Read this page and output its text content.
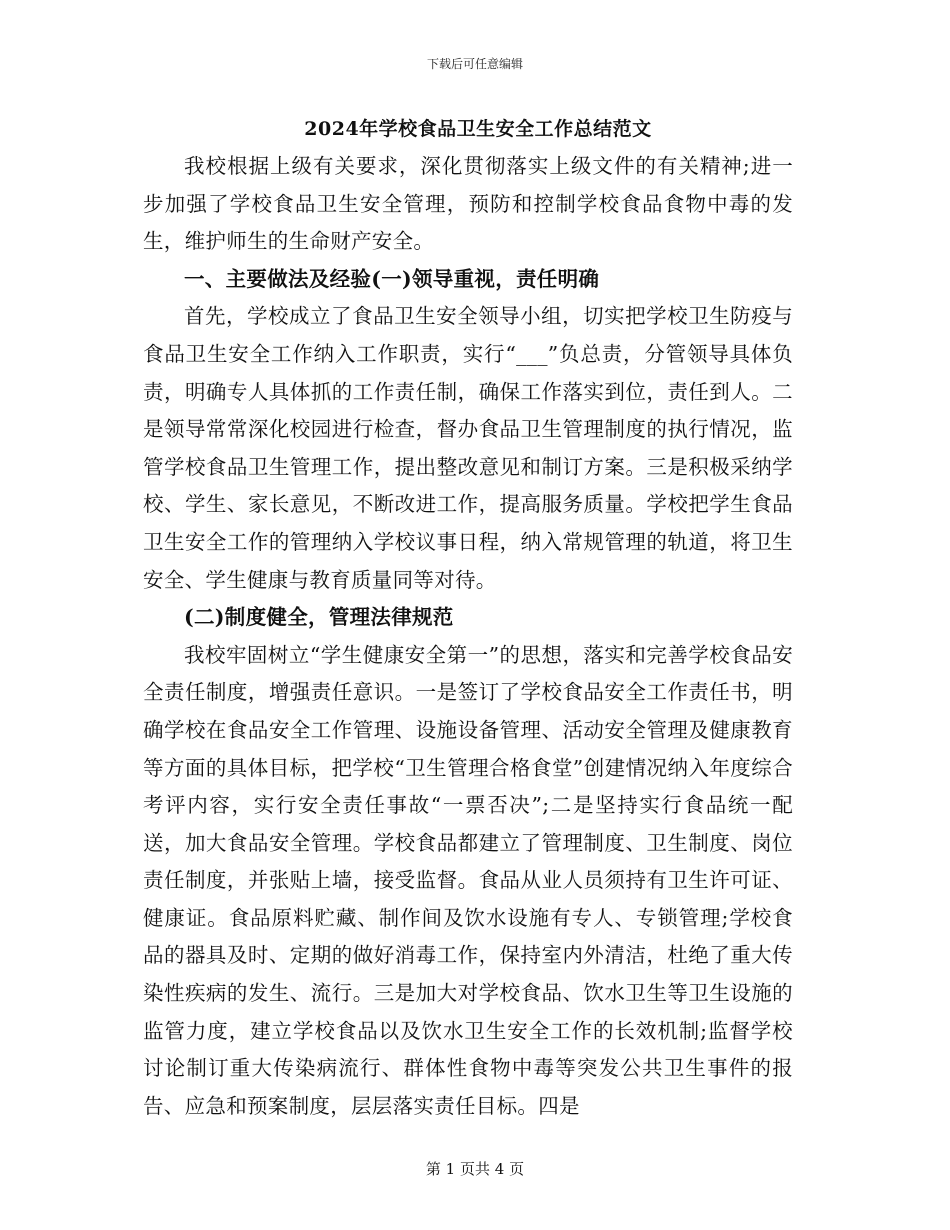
下载后可任意编辑
2024年学校食品卫生安全工作总结范文

我校根据上级有关要求，深化贯彻落实上级文件的有关精神;进一步加强了学校食品卫生安全管理，预防和控制学校食品食物中毒的发生，维护师生的生命财产安全。

一、主要做法及经验(一)领导重视，责任明确

首先，学校成立了食品卫生安全领导小组，切实把学校卫生防疫与食品卫生安全工作纳入工作职责，实行“___”负总责，分管领导具体负责，明确专人具体抓的工作责任制，确保工作落实到位，责任到人。二是领导常常深化校园进行检查，督办食品卫生管理制度的执行情况，监管学校食品卫生管理工作，提出整改意见和制订方案。三是积极采纳学校、学生、家长意见，不断改进工作，提高服务质量。学校把学生食品卫生安全工作的管理纳入学校议事日程，纳入常规管理的轨道，将卫生安全、学生健康与教育质量同等对待。

(二)制度健全，管理法律规范

我校牢固树立“学生健康安全第一”的思想，落实和完善学校食品安全责任制度，增强责任意识。一是签订了学校食品安全工作责任书，明确学校在食品安全工作管理、设施设备管理、活动安全管理及健康教育等方面的具体目标，把学校“卫生管理合格食堂”创建情况纳入年度综合考评内容，实行安全责任事故“一票否决”;二是坚持实行食品统一配送，加大食品安全管理。学校食品都建立了管理制度、卫生制度、岗位责任制度，并张贴上墙，接受监督。食品从业人员须持有卫生许可证、健康证。食品原料贮藏、制作间及饮水设施有专人、专锁管理;学校食品的器具及时、定期的做好消毒工作，保持室内外清洁，杜绝了重大传染性疾病的发生、流行。三是加大对学校食品、饮水卫生等卫生设施的监管力度，建立学校食品以及饮水卫生安全工作的长效机制;监督学校讨论制订重大传染病流行、群体性食物中毒等突发公共卫生事件的报告、应急和预案制度，层层落实责任目标。四是

第 1 页共 4 页
